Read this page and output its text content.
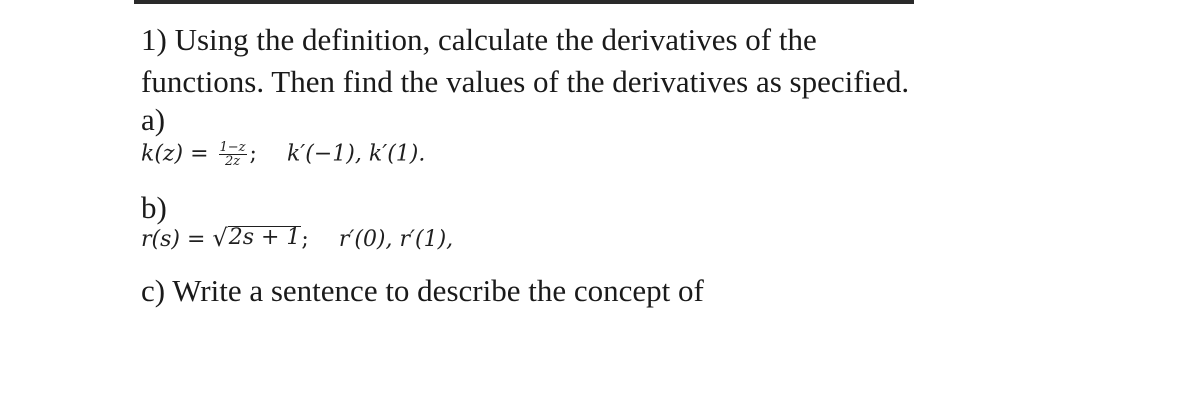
1) Using the definition, calculate the derivatives of the
functions. Then find the values of the derivatives as specified.
a)
$k(z) = \frac{1-z}{2z}$ ; k′(−1), k′(1).
b)
r(s) = √ 2s + 1 ; r′(0), r′(1),
c) Write a sentence to describe the concept of
